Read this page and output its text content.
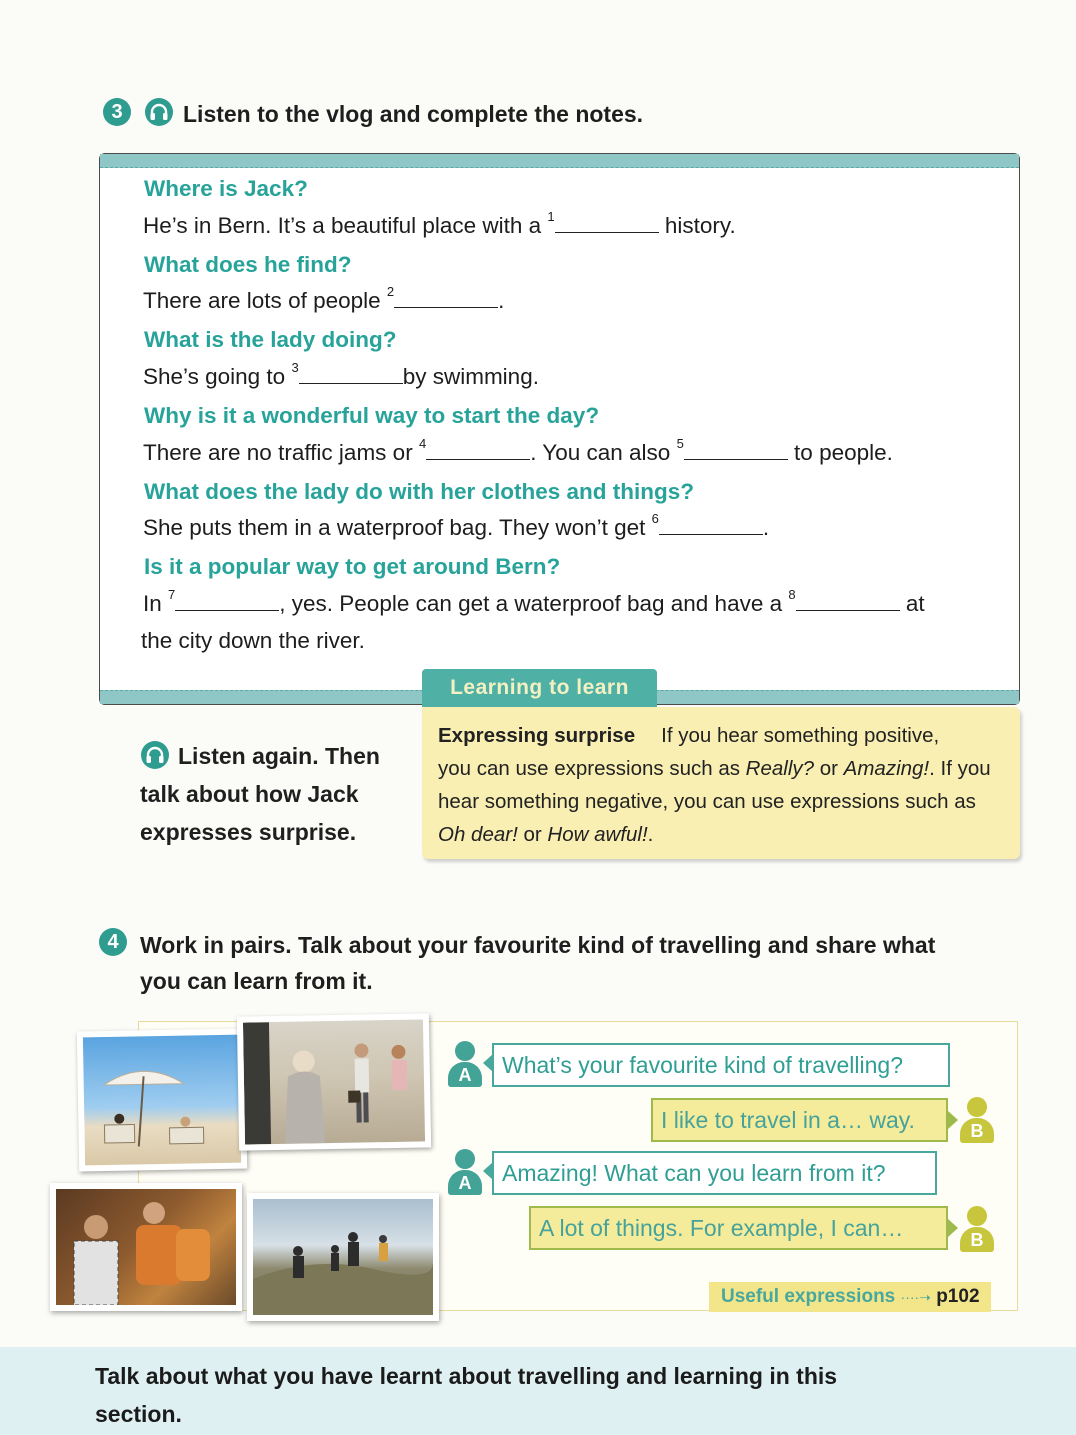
3	Listen to the vlog and complete the notes.
Where is Jack?
He’s in Bern. It’s a beautiful place with a $^1$	history.
What does he find?
There are lots of people $^2$	.
What is the lady doing?
She’s going to $^3$	by swimming.
Why is it a wonderful way to start the day?
There are no traffic jams or $^4$	. You can also $^5$	to people.
What does the lady do with her clothes and things?
She puts them in a waterproof bag. They won’t get $^6$	.
Is it a popular way to get around Bern?
In $^7$	, yes. People can get a waterproof bag and have a $^8$	at
the city down the river.
Learning to learn
Expressing surprise If you hear something positive,
you can use expressions such as Really? or Amazing!. If you
hear something negative, you can use expressions such as
Oh dear! or How awful!.
Listen again. Then talk about how Jack expresses surprise.
4 Work in pairs. Talk about your favourite kind of travelling and share what
you can learn from it.
A	What’s your favourite kind of travelling?
I like to travel in a… way.	B
A	Amazing! What can you learn from it?
A lot of things. For example, I can…	B
Useful expressions ····➝ p102
Talk about what you have learnt about travelling and learning in this
section.
